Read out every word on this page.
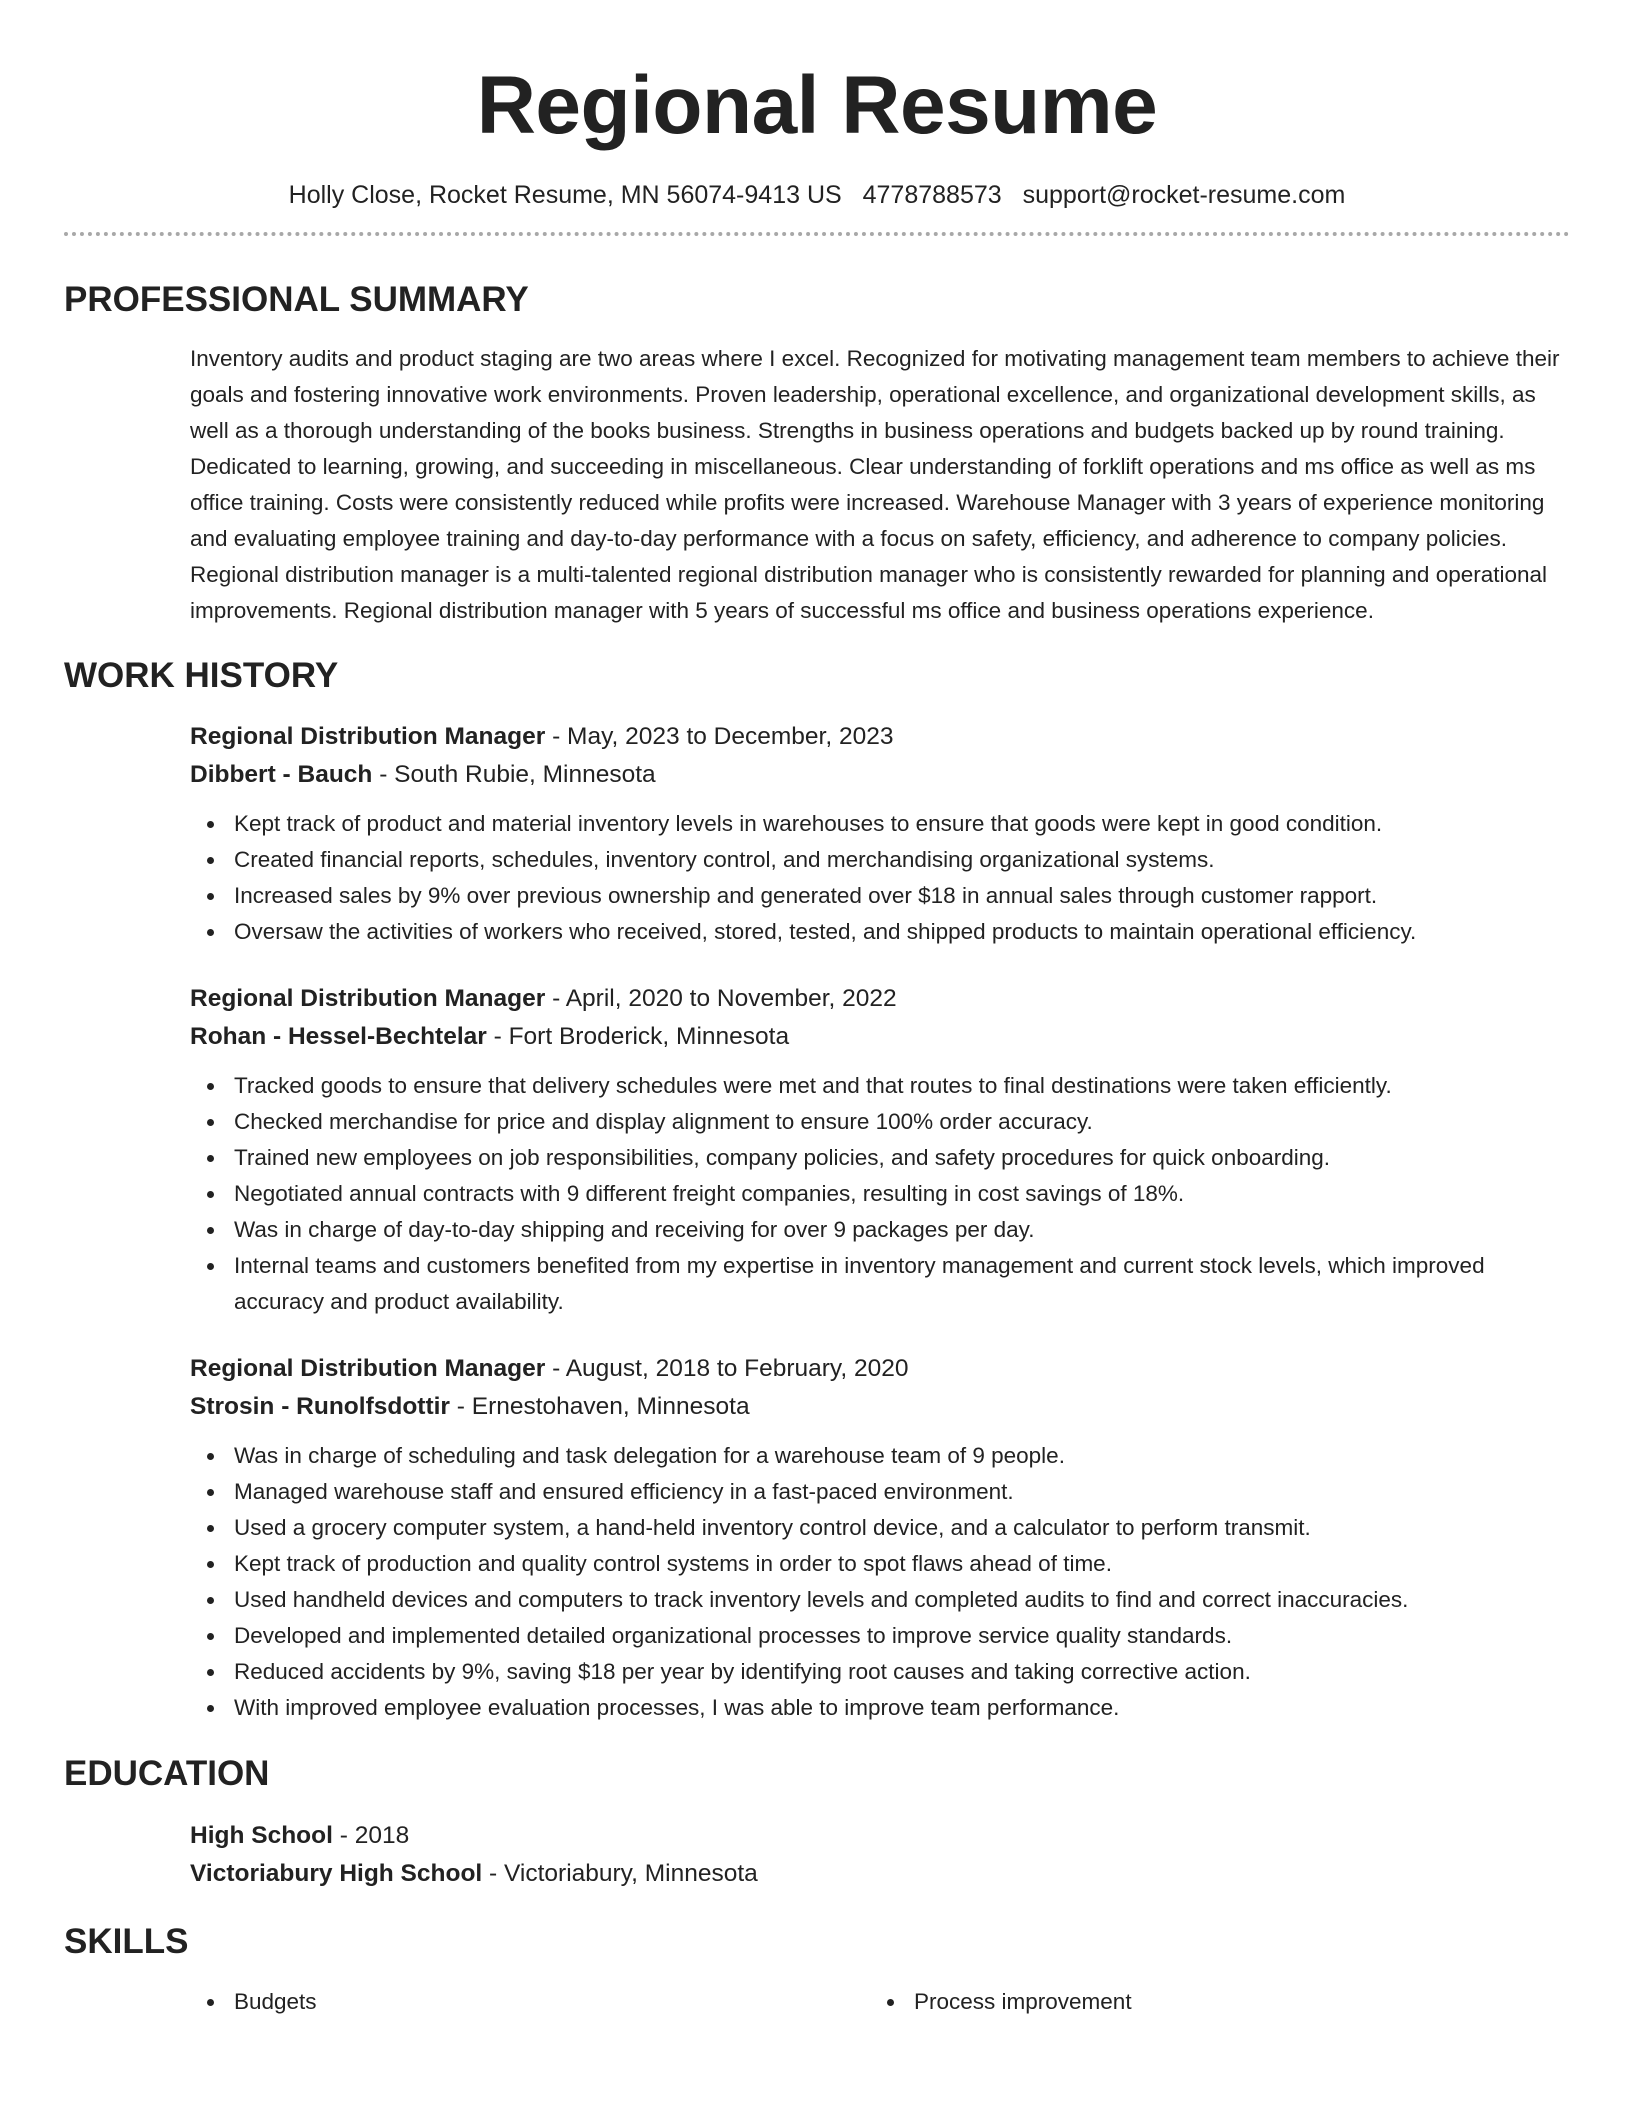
Regional Resume
Holly Close, Rocket Resume, MN 56074-9413 US 4778788573 support@rocket-resume.com
PROFESSIONAL SUMMARY
Inventory audits and product staging are two areas where I excel. Recognized for motivating management team members to achieve their goals and fostering innovative work environments. Proven leadership, operational excellence, and organizational development skills, as well as a thorough understanding of the books business. Strengths in business operations and budgets backed up by round training. Dedicated to learning, growing, and succeeding in miscellaneous. Clear understanding of forklift operations and ms office as well as ms office training. Costs were consistently reduced while profits were increased. Warehouse Manager with 3 years of experience monitoring and evaluating employee training and day-to-day performance with a focus on safety, efficiency, and adherence to company policies. Regional distribution manager is a multi-talented regional distribution manager who is consistently rewarded for planning and operational improvements. Regional distribution manager with 5 years of successful ms office and business operations experience.
WORK HISTORY
Regional Distribution Manager - May, 2023 to December, 2023
Dibbert - Bauch - South Rubie, Minnesota
Kept track of product and material inventory levels in warehouses to ensure that goods were kept in good condition.
Created financial reports, schedules, inventory control, and merchandising organizational systems.
Increased sales by 9% over previous ownership and generated over $18 in annual sales through customer rapport.
Oversaw the activities of workers who received, stored, tested, and shipped products to maintain operational efficiency.
Regional Distribution Manager - April, 2020 to November, 2022
Rohan - Hessel-Bechtelar - Fort Broderick, Minnesota
Tracked goods to ensure that delivery schedules were met and that routes to final destinations were taken efficiently.
Checked merchandise for price and display alignment to ensure 100% order accuracy.
Trained new employees on job responsibilities, company policies, and safety procedures for quick onboarding.
Negotiated annual contracts with 9 different freight companies, resulting in cost savings of 18%.
Was in charge of day-to-day shipping and receiving for over 9 packages per day.
Internal teams and customers benefited from my expertise in inventory management and current stock levels, which improved accuracy and product availability.
Regional Distribution Manager - August, 2018 to February, 2020
Strosin - Runolfsdottir - Ernestohaven, Minnesota
Was in charge of scheduling and task delegation for a warehouse team of 9 people.
Managed warehouse staff and ensured efficiency in a fast-paced environment.
Used a grocery computer system, a hand-held inventory control device, and a calculator to perform transmit.
Kept track of production and quality control systems in order to spot flaws ahead of time.
Used handheld devices and computers to track inventory levels and completed audits to find and correct inaccuracies.
Developed and implemented detailed organizational processes to improve service quality standards.
Reduced accidents by 9%, saving $18 per year by identifying root causes and taking corrective action.
With improved employee evaluation processes, I was able to improve team performance.
EDUCATION
High School - 2018
Victoriabury High School - Victoriabury, Minnesota
SKILLS
Budgets	Process improvement
